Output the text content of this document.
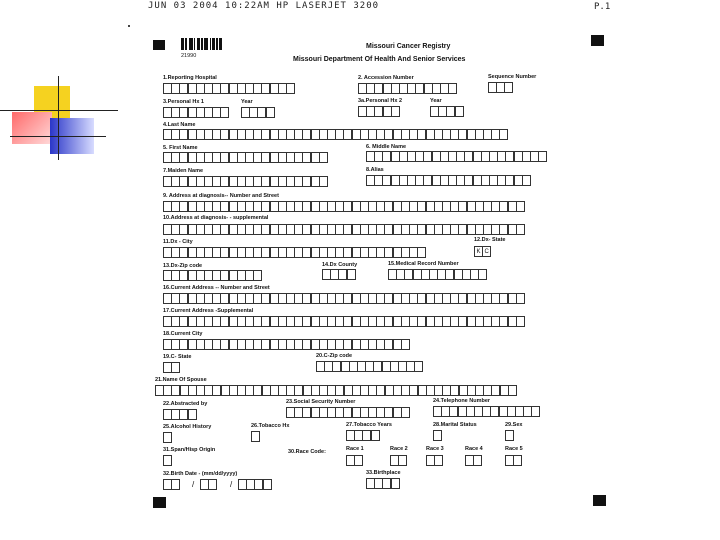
JUN 03 2004 10:22AM HP LASERJET 3200	P.1
21990
Missouri Cancer Registry
Missouri Department Of Health And Senior Services
1.Reporting Hospital	2. Accession Number	Sequence Number
3.Personal Hx 1	Year	3a.Personal Hx 2	Year
4.Last Name
5. First Name	6. Middle Name
7.Maiden Name	8.Alias
9. Address at diagnosis-- Number and Street
10.Address at diagnosis- - supplemental
11.Dx - City	12.Dx- State
13.Dx-Zip code	14.Dx County	15.Medical Record Number
16.Current Address -- Number and Street
17.Current Address -Supplemental
18.Current City
19.C- State	20.C-Zip code
21.Name Of Spouse
22.Abstracted by	23.Social Security Number	24.Telephone Number
25.Alcohol History	26.Tobacco Hx	27.Tobacco Years	28.Marital Status	29.Sex
31.Span/Hisp Origin	30.Race Code:	Race 1	Race 2	Race 3	Race 4	Race 5
32.Birth Date - (mm/dd/yyyy)	33.Birthplace
K C
/	/
